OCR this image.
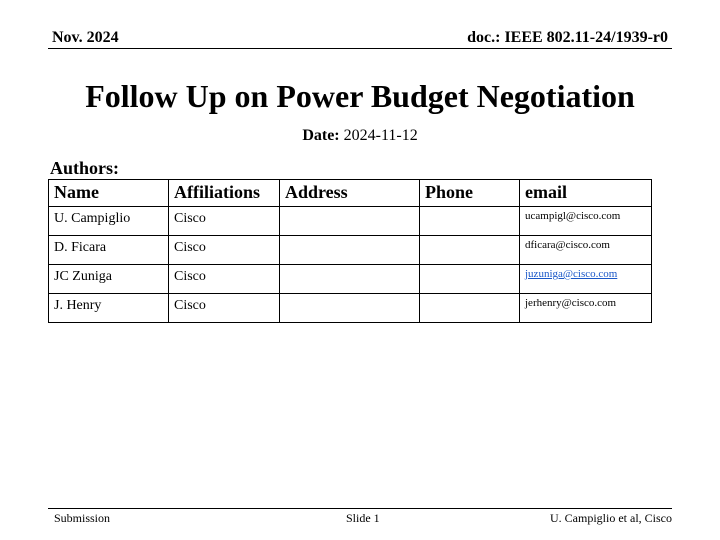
Nov. 2024	doc.: IEEE 802.11-24/1939-r0
Follow Up on Power Budget Negotiation
Date: 2024-11-12
Authors:
Name	Affiliations	Address	Phone	email
U. Campiglio	Cisco			ucampigl@cisco.com
D. Ficara	Cisco			dficara@cisco.com
JC Zuniga	Cisco			juzuniga@cisco.com
J. Henry	Cisco			jerhenry@cisco.com
Submission	Slide 1	U. Campiglio et al, Cisco
